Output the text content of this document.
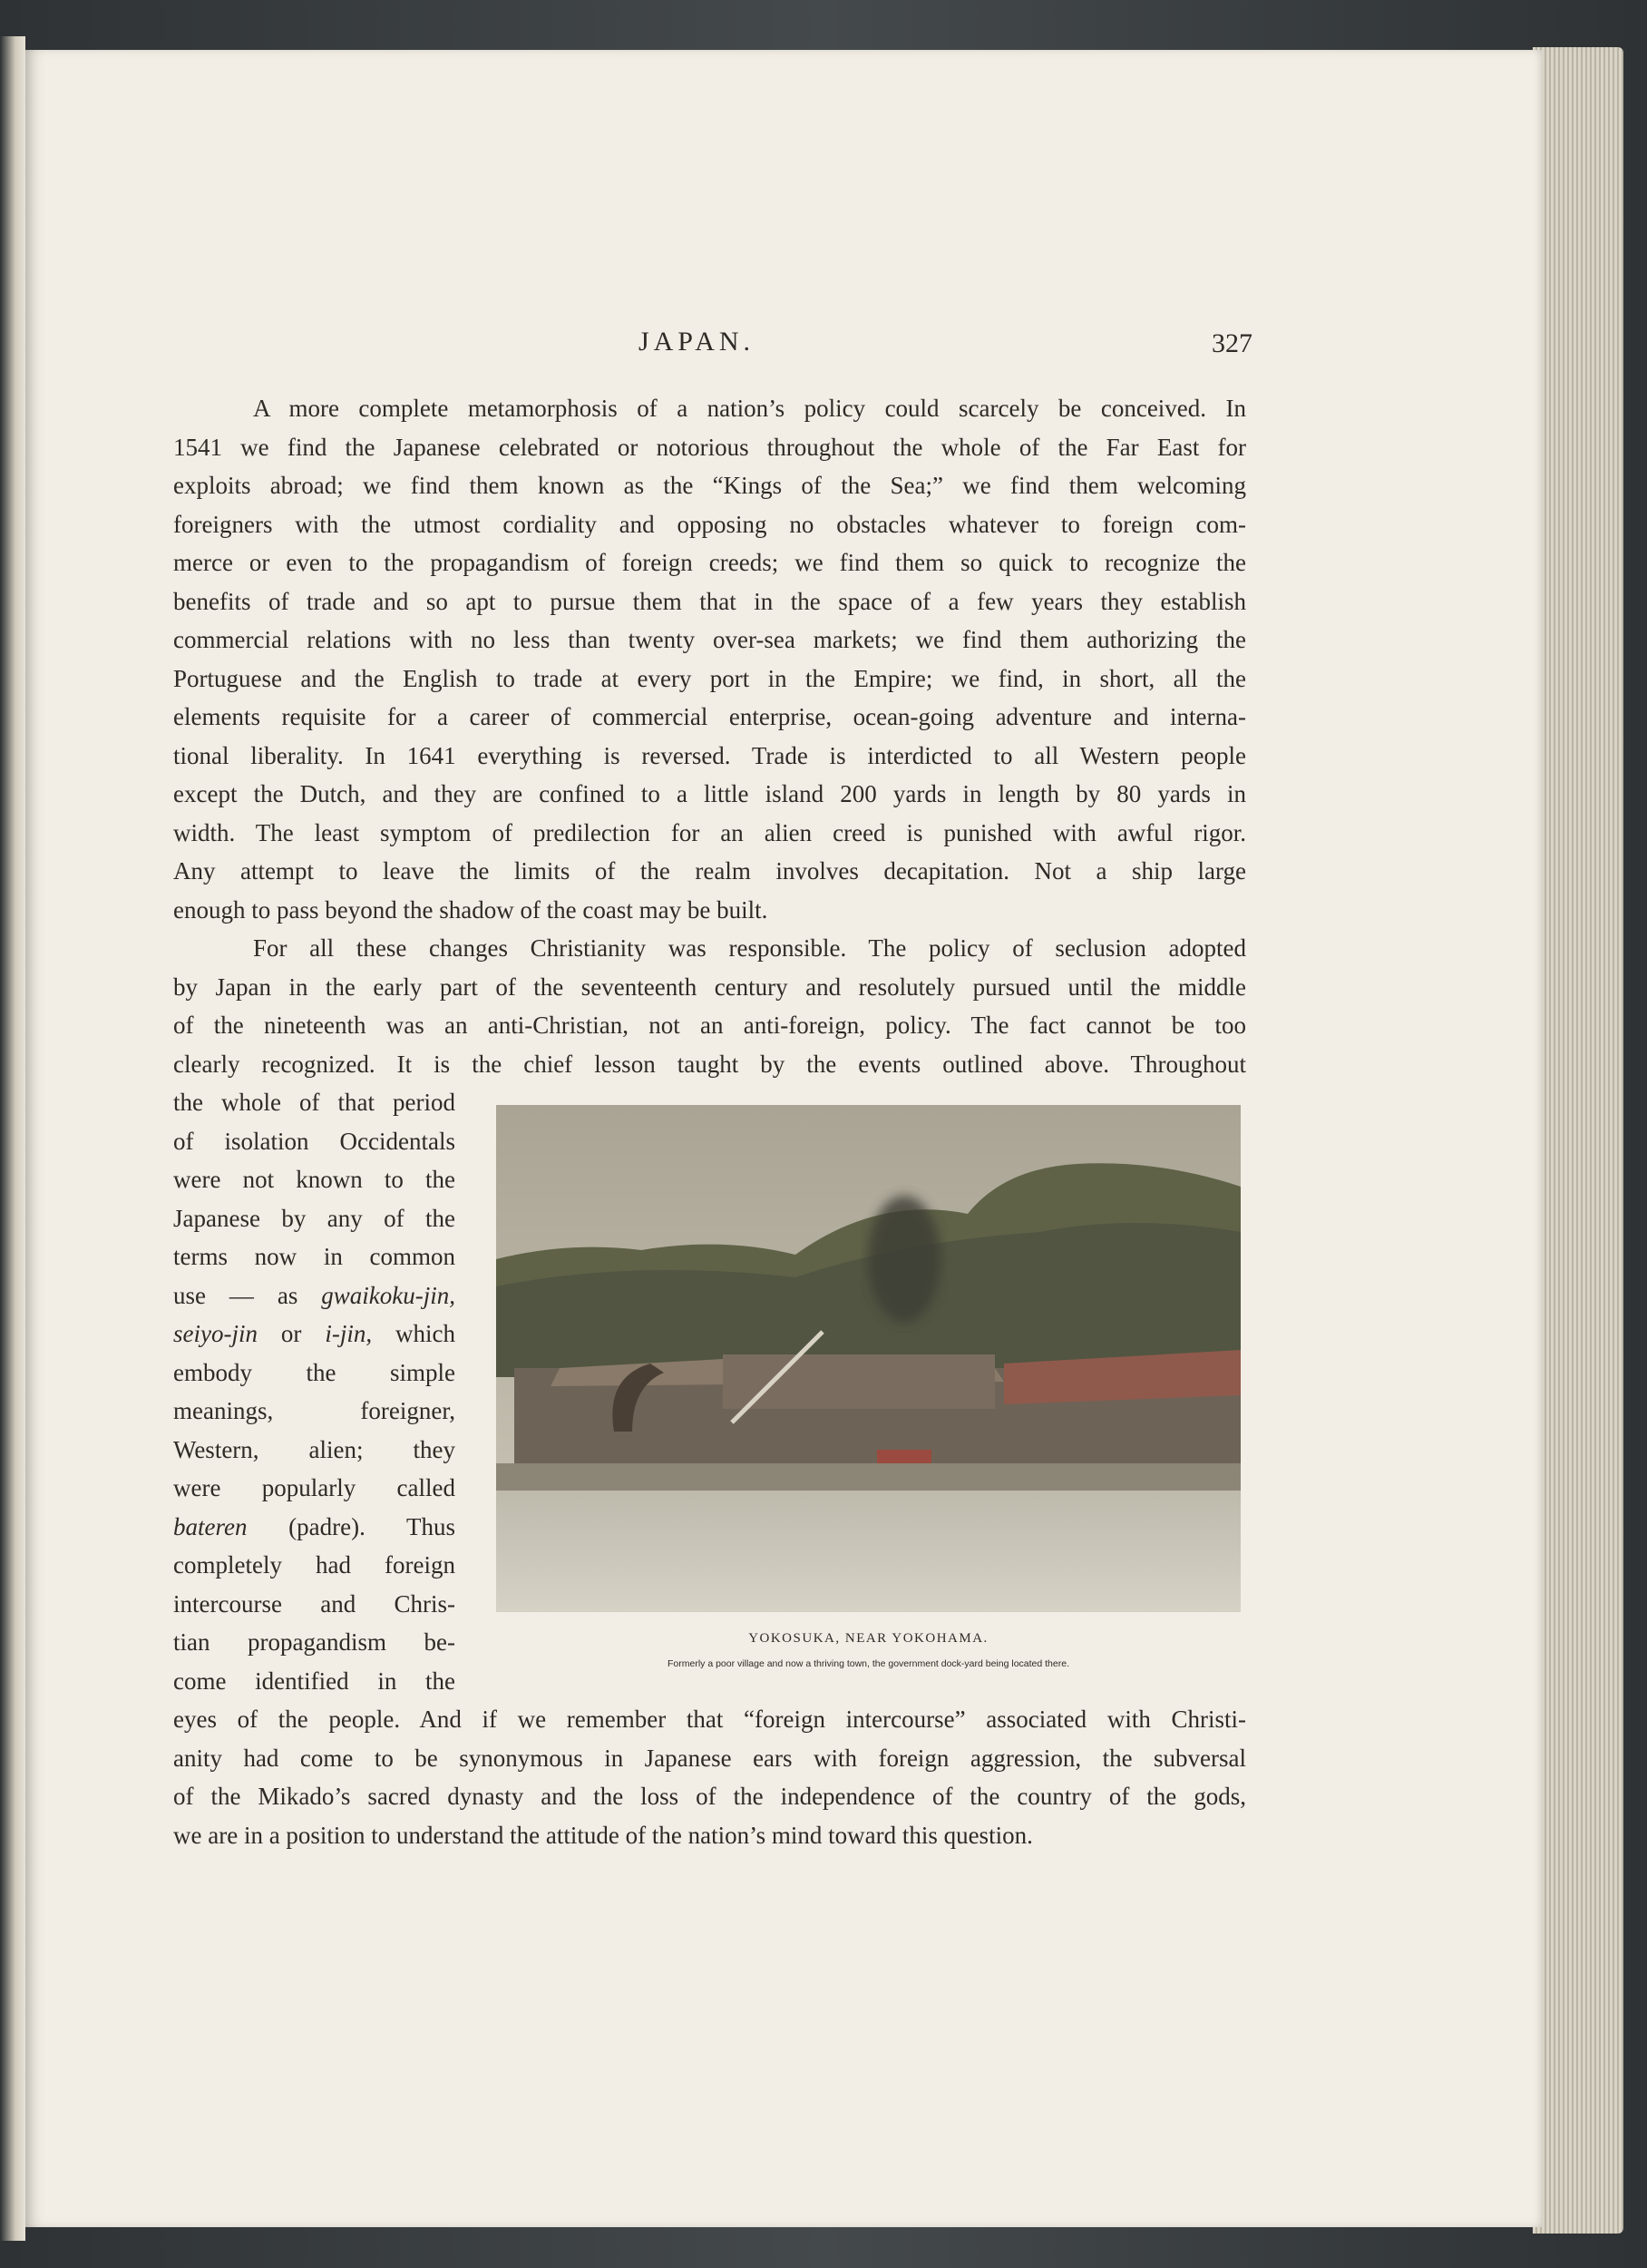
JAPAN.	327
A more complete metamorphosis of a nation’s policy could scarcely be conceived. In
1541 we find the Japanese celebrated or notorious throughout the whole of the Far East for
exploits abroad; we find them known as the “Kings of the Sea;” we find them welcoming
foreigners with the utmost cordiality and opposing no obstacles whatever to foreign com-
merce or even to the propagandism of foreign creeds; we find them so quick to recognize the
benefits of trade and so apt to pursue them that in the space of a few years they establish
commercial relations with no less than twenty over-sea markets; we find them authorizing the
Portuguese and the English to trade at every port in the Empire; we find, in short, all the
elements requisite for a career of commercial enterprise, ocean-going adventure and interna-
tional liberality. In 1641 everything is reversed. Trade is interdicted to all Western people
except the Dutch, and they are confined to a little island 200 yards in length by 80 yards in
width. The least symptom of predilection for an alien creed is punished with awful rigor.
Any attempt to leave the limits of the realm involves decapitation. Not a ship large
enough to pass beyond the shadow of the coast may be built.
For all these changes Christianity was responsible. The policy of seclusion adopted
by Japan in the early part of the seventeenth century and resolutely pursued until the middle
of the nineteenth was an anti-Christian, not an anti-foreign, policy. The fact cannot be too
clearly recognized. It is the chief lesson taught by the events outlined above. Throughout
the whole of that period
of isolation Occidentals
were not known to the
Japanese by any of the
terms now in common
use — as gwaikoku-jin,
seiyo-jin or i-jin, which
embody the simple
meanings, foreigner,
Western, alien; they
were popularly called
bateren (padre). Thus
completely had foreign
intercourse and Chris-
tian propagandism be-
come identified in the
eyes of the people. And if we remember that “foreign intercourse” associated with Christi-
anity had come to be synonymous in Japanese ears with foreign aggression, the subversal
of the Mikado’s sacred dynasty and the loss of the independence of the country of the gods,
we are in a position to understand the attitude of the nation’s mind toward this question.
YOKOSUKA, NEAR YOKOHAMA.
Formerly a poor village and now a thriving town, the government dock-yard being located there.
